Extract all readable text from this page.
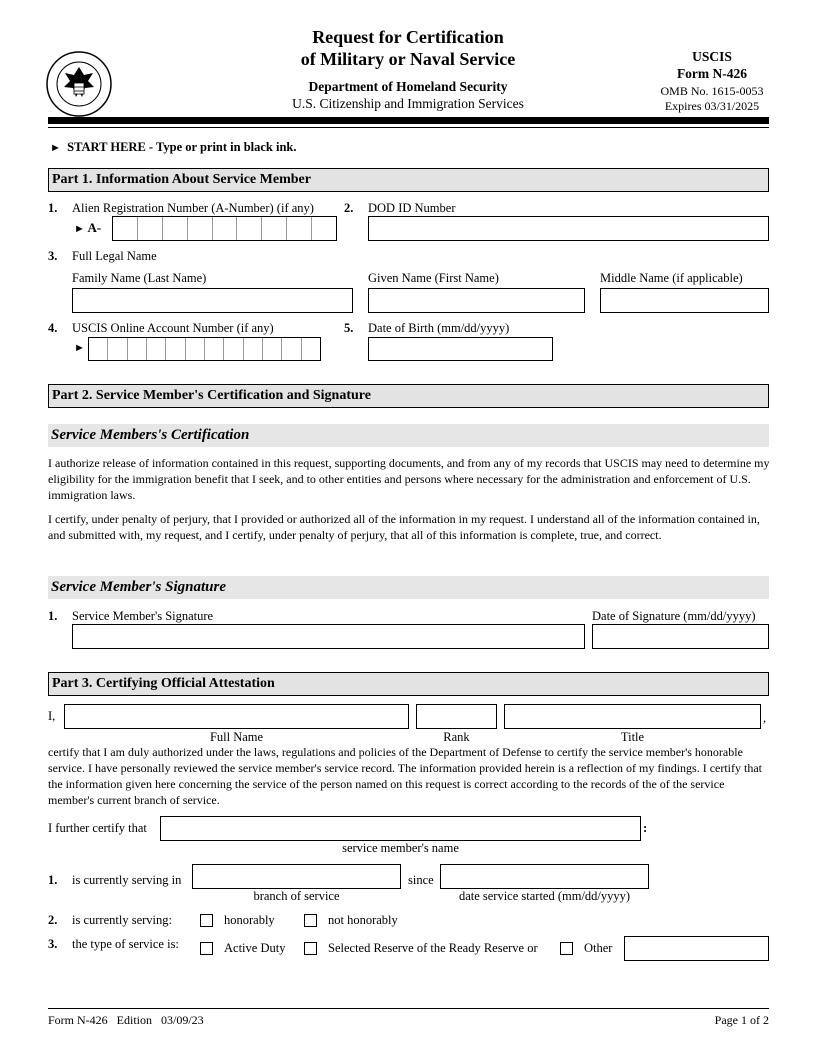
Request for Certification
of Military or Naval Service
Department of Homeland Security
U.S. Citizenship and Immigration Services
USCIS
Form N-426
OMB No. 1615-0053
Expires 03/31/2025
► START HERE - Type or print in black ink.
Part 1. Information About Service Member
1. Alien Registration Number (A-Number) (if any)
► A-
2. DOD ID Number
3. Full Legal Name
Family Name (Last Name)	Given Name (First Name)	Middle Name (if applicable)
4. USCIS Online Account Number (if any)
►
5. Date of Birth (mm/dd/yyyy)
Part 2. Service Member's Certification and Signature
Service Members's Certification
I authorize release of information contained in this request, supporting documents, and from any of my records that USCIS may need to determine my eligibility for the immigration benefit that I seek, and to other entities and persons where necessary for the administration and enforcement of U.S. immigration laws.
I certify, under penalty of perjury, that I provided or authorized all of the information in my request. I understand all of the information contained in, and submitted with, my request, and I certify, under penalty of perjury, that all of this information is complete, true, and correct.
Service Member's Signature
1. Service Member's Signature	Date of Signature (mm/dd/yyyy)
Part 3. Certifying Official Attestation
I,	,
Full Name	Rank	Title
certify that I am duly authorized under the laws, regulations and policies of the Department of Defense to certify the service member's honorable service. I have personally reviewed the service member's service record. The information provided herein is a reflection of my findings. I certify that the information given here concerning the service of the person named on this request is correct according to the records of the of the service member's current branch of service.
I further certify that	:
service member's name
1. is currently serving in	since
branch of service	date service started (mm/dd/yyyy)
2. is currently serving:	honorably	not honorably
3. the type of service is:	Active Duty	Selected Reserve of the Ready Reserve or	Other
Form N-426   Edition   03/09/23	Page 1 of 2
